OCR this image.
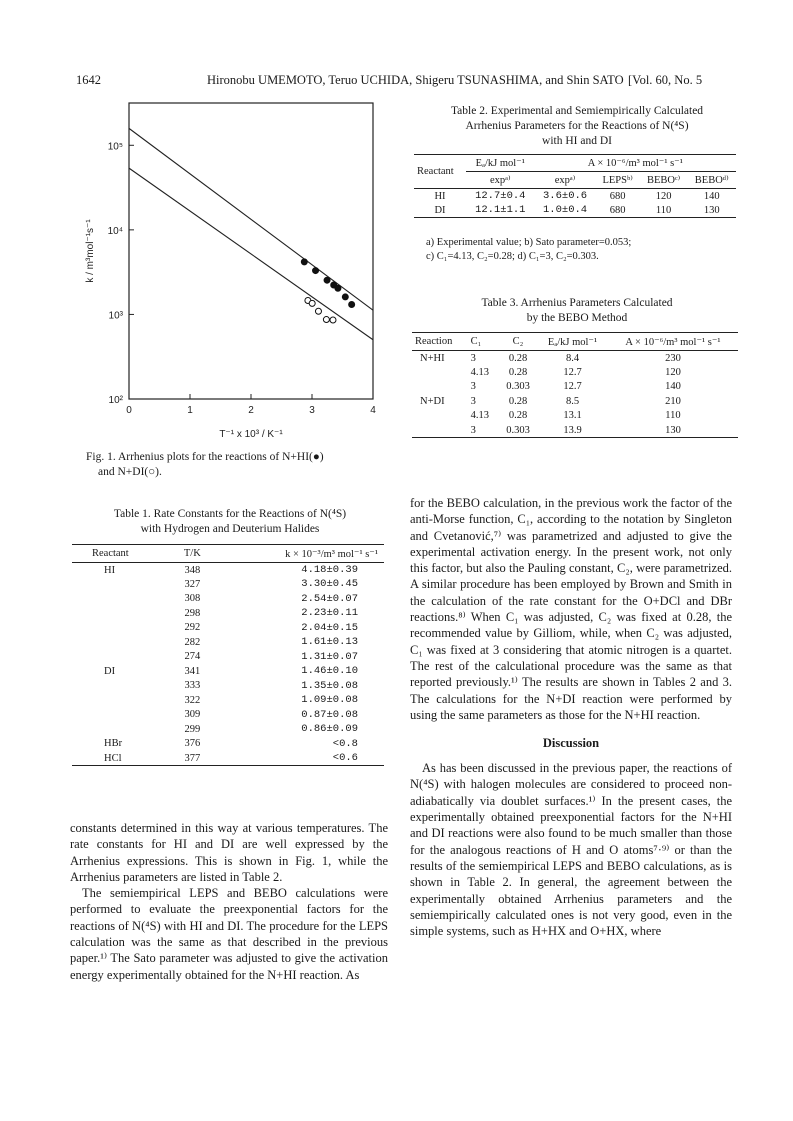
1642	Hironobu UMEMOTO, Teruo UCHIDA, Shigeru TSUNASHIMA, and Shin SATO [Vol. 60, No. 5
0	1	2	3	4
10²
10³
10⁴
10⁵
T⁻¹ x 10³ / K⁻¹
k / m³mol⁻¹s⁻¹
Fig. 1. Arrhenius plots for the reactions of N+HI(●)
and N+DI(○).
Table 1. Rate Constants for the Reactions of N(⁴S)
with Hydrogen and Deuterium Halides
Reactant	T/K	k × 10⁻³/m³ mol⁻¹ s⁻¹
HI	348	4.18±0.39
	327	3.30±0.45
	308	2.54±0.07
	298	2.23±0.11
	292	2.04±0.15
	282	1.61±0.13
	274	1.31±0.07
DI	341	1.46±0.10
	333	1.35±0.08
	322	1.09±0.08
	309	0.87±0.08
	299	0.86±0.09
HBr	376	<0.8
HCl	377	<0.6

constants determined in this way at various temperatures. The rate constants for HI and DI are well expressed by the Arrhenius expressions. This is shown in Fig. 1, while the Arrhenius parameters are listed in Table 2.

The semiempirical LEPS and BEBO calculations were performed to evaluate the preexponential factors for the reactions of N(⁴S) with HI and DI. The procedure for the LEPS calculation was the same as that described in the previous paper.¹⁾ The Sato parameter was adjusted to give the activation energy experimentally obtained for the N+HI reaction. As

Table 2. Experimental and Semiempirically Calculated
Arrhenius Parameters for the Reactions of N(⁴S)
with HI and DI
Reactant	Eₐ/kJ mol⁻¹	A × 10⁻⁶/m³ mol⁻¹ s⁻¹			
	expᵃ⁾	expᵃ⁾	LEPSᵇ⁾	BEBOᶜ⁾	BEBOᵈ⁾
HI	12.7±0.4	3.6±0.6	680	120	140
DI	12.1±1.1	1.0±0.4	680	110	130
a) Experimental value; b) Sato parameter=0.053;
c) C₁=4.13, C₂=0.28; d) C₁=3, C₂=0.303.
Table 3. Arrhenius Parameters Calculated
by the BEBO Method
Reaction	C₁	C₂	Eₐ/kJ mol⁻¹	A × 10⁻⁶/m³ mol⁻¹ s⁻¹
N+HI	3	0.28	8.4	230
	4.13	0.28	12.7	120
	3	0.303	12.7	140
N+DI	3	0.28	8.5	210
	4.13	0.28	13.1	110
	3	0.303	13.9	130

for the BEBO calculation, in the previous work the factor of the anti-Morse function, C₁, according to the notation by Singleton and Cvetanović,⁷⁾ was parametrized and adjusted to give the experimental activation energy. In the present work, not only this factor, but also the Pauling constant, C₂, were parametrized. A similar procedure has been employed by Brown and Smith in the calculation of the rate constant for the O+DCl and DBr reactions.⁸⁾ When C₁ was adjusted, C₂ was fixed at 0.28, the recommended value by Gilliom, while, when C₂ was adjusted, C₁ was fixed at 3 considering that atomic nitrogen is a quartet. The rest of the calculational procedure was the same as that reported previously.¹⁾ The results are shown in Tables 2 and 3. The calculations for the N+DI reaction were performed by using the same parameters as those for the N+HI reaction.

Discussion

As has been discussed in the previous paper, the reactions of N(⁴S) with halogen molecules are considered to proceed non-adiabatically via doublet surfaces.¹⁾ In the present cases, the experimentally obtained preexponential factors for the N+HI and DI reactions were also found to be much smaller than those for the analogous reactions of H and O atoms⁷·⁹⁾ or than the results of the semiempirical LEPS and BEBO calculations, as is shown in Table 2. In general, the agreement between the experimentally obtained Arrhenius parameters and the semiempirically calculated ones is not very good, even in the simple systems, such as H+HX and O+HX, where
